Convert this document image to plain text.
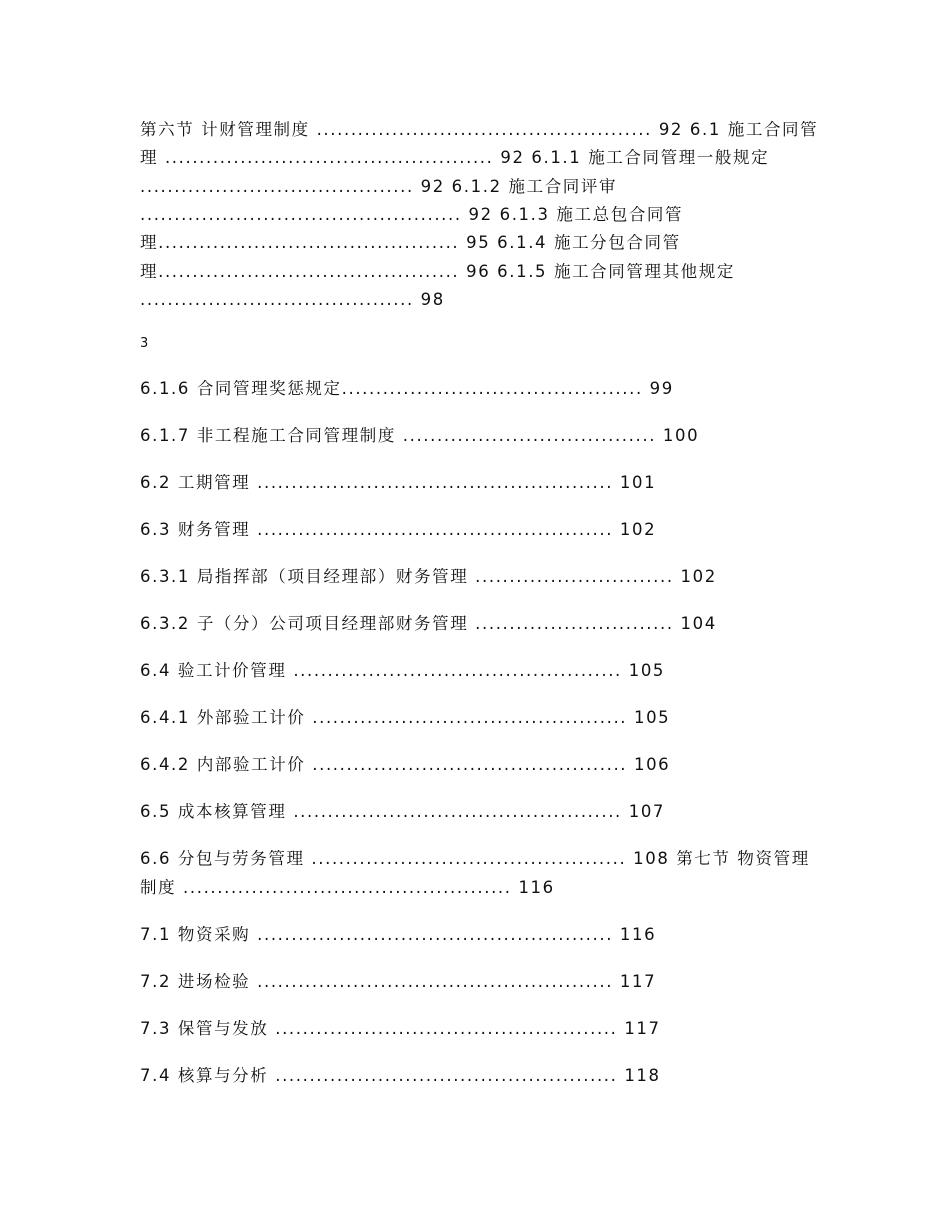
第六节 计财管理制度 ................................................. 92 6.1 施工合同管
理 ................................................ 92 6.1.1 施工合同管理一般规定
........................................ 92 6.1.2 施工合同评审
............................................... 92 6.1.3 施工总包合同管
理............................................ 95 6.1.4 施工分包合同管
理............................................ 96 6.1.5 施工合同管理其他规定
........................................ 98
3
6.1.6 合同管理奖惩规定............................................ 99
6.1.7 非工程施工合同管理制度 ..................................... 100
6.2 工期管理 .................................................... 101
6.3 财务管理 .................................................... 102
6.3.1 局指挥部（项目经理部）财务管理 ............................. 102
6.3.2 子（分）公司项目经理部财务管理 ............................. 104
6.4 验工计价管理 ................................................ 105
6.4.1 外部验工计价 .............................................. 105
6.4.2 内部验工计价 .............................................. 106
6.5 成本核算管理 ................................................ 107
6.6 分包与劳务管理 .............................................. 108 第七节 物资管理
制度 ................................................ 116
7.1 物资采购 .................................................... 116
7.2 进场检验 .................................................... 117
7.3 保管与发放 .................................................. 117
7.4 核算与分析 .................................................. 118
